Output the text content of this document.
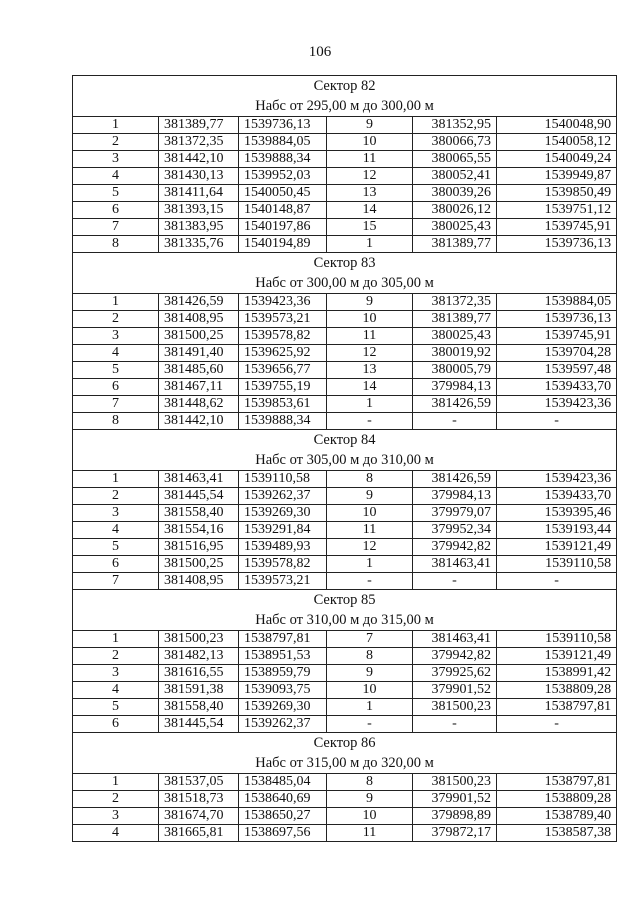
106
Сектор 82					
Набс от 295,00 м до 300,00 м					
1	381389,77	1539736,13	9	381352,95	1540048,90
2	381372,35	1539884,05	10	380066,73	1540058,12
3	381442,10	1539888,34	11	380065,55	1540049,24
4	381430,13	1539952,03	12	380052,41	1539949,87
5	381411,64	1540050,45	13	380039,26	1539850,49
6	381393,15	1540148,87	14	380026,12	1539751,12
7	381383,95	1540197,86	15	380025,43	1539745,91
8	381335,76	1540194,89	1	381389,77	1539736,13
Сектор 83					
Набс от 300,00 м до 305,00 м					
1	381426,59	1539423,36	9	381372,35	1539884,05
2	381408,95	1539573,21	10	381389,77	1539736,13
3	381500,25	1539578,82	11	380025,43	1539745,91
4	381491,40	1539625,92	12	380019,92	1539704,28
5	381485,60	1539656,77	13	380005,79	1539597,48
6	381467,11	1539755,19	14	379984,13	1539433,70
7	381448,62	1539853,61	1	381426,59	1539423,36
8	381442,10	1539888,34	-	-	-
Сектор 84					
Набс от 305,00 м до 310,00 м					
1	381463,41	1539110,58	8	381426,59	1539423,36
2	381445,54	1539262,37	9	379984,13	1539433,70
3	381558,40	1539269,30	10	379979,07	1539395,46
4	381554,16	1539291,84	11	379952,34	1539193,44
5	381516,95	1539489,93	12	379942,82	1539121,49
6	381500,25	1539578,82	1	381463,41	1539110,58
7	381408,95	1539573,21	-	-	-
Сектор 85					
Набс от 310,00 м до 315,00 м					
1	381500,23	1538797,81	7	381463,41	1539110,58
2	381482,13	1538951,53	8	379942,82	1539121,49
3	381616,55	1538959,79	9	379925,62	1538991,42
4	381591,38	1539093,75	10	379901,52	1538809,28
5	381558,40	1539269,30	1	381500,23	1538797,81
6	381445,54	1539262,37	-	-	-
Сектор 86					
Набс от 315,00 м до 320,00 м					
1	381537,05	1538485,04	8	381500,23	1538797,81
2	381518,73	1538640,69	9	379901,52	1538809,28
3	381674,70	1538650,27	10	379898,89	1538789,40
4	381665,81	1538697,56	11	379872,17	1538587,38
